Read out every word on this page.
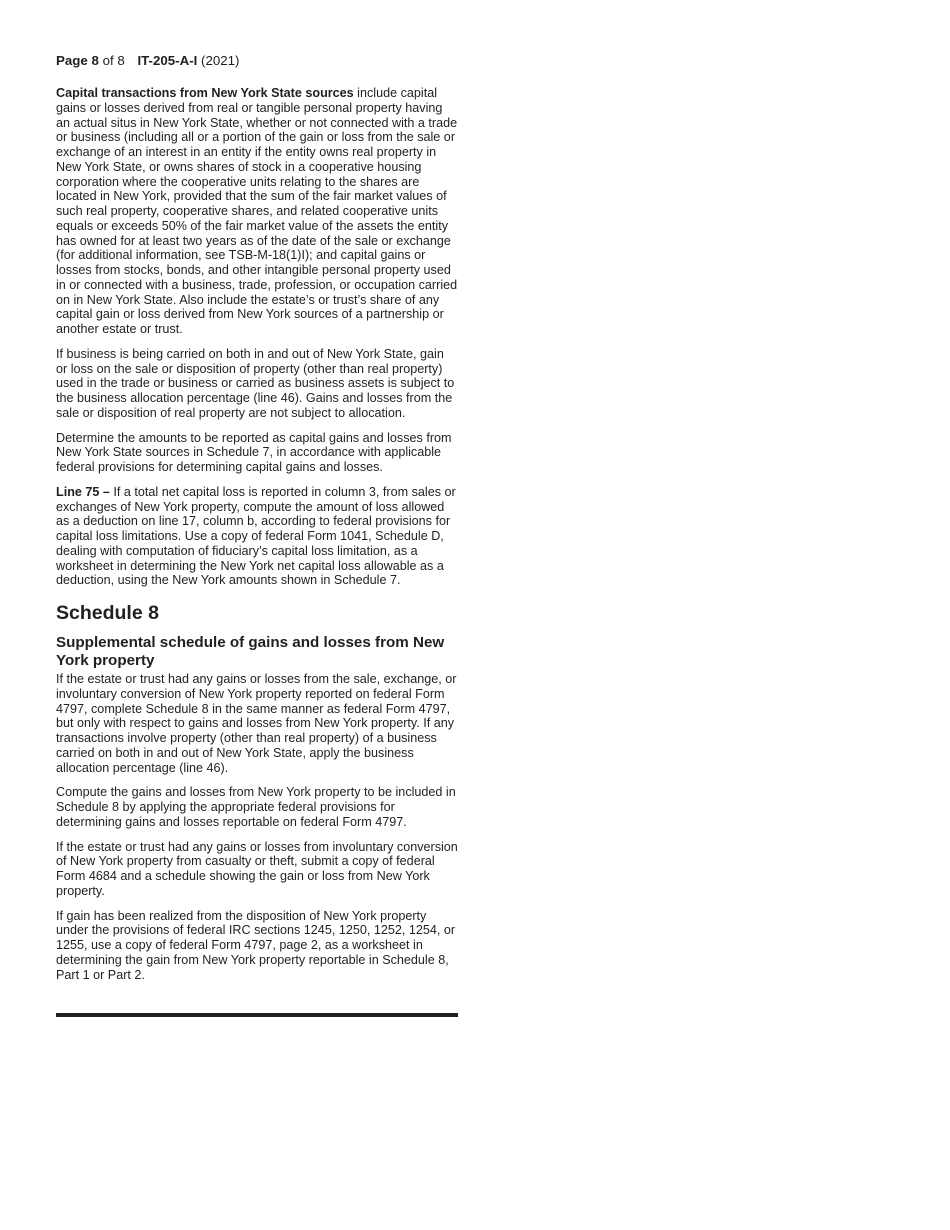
Page 8 of 8 IT-205-A-I (2021)

Capital transactions from New York State sources include capital gains or losses derived from real or tangible personal property having an actual situs in New York State, whether or not connected with a trade or business (including all or a portion of the gain or loss from the sale or exchange of an interest in an entity if the entity owns real property in New York State, or owns shares of stock in a cooperative housing corporation where the cooperative units relating to the shares are located in New York, provided that the sum of the fair market values of such real property, cooperative shares, and related cooperative units equals or exceeds 50% of the fair market value of the assets the entity has owned for at least two years as of the date of the sale or exchange (for additional information, see TSB-M-18(1)I); and capital gains or losses from stocks, bonds, and other intangible personal property used in or connected with a business, trade, profession, or occupation carried on in New York State. Also include the estate’s or trust’s share of any capital gain or loss derived from New York sources of a partnership or another estate or trust.

If business is being carried on both in and out of New York State, gain or loss on the sale or disposition of property (other than real property) used in the trade or business or carried as business assets is subject to the business allocation percentage (line 46). Gains and losses from the sale or disposition of real property are not subject to allocation.

Determine the amounts to be reported as capital gains and losses from New York State sources in Schedule 7, in accordance with applicable federal provisions for determining capital gains and losses.

Line 75 – If a total net capital loss is reported in column 3, from sales or exchanges of New York property, compute the amount of loss allowed as a deduction on line 17, column b, according to federal provisions for capital loss limitations. Use a copy of federal Form 1041, Schedule D, dealing with computation of fiduciary’s capital loss limitation, as a worksheet in determining the New York net capital loss allowable as a deduction, using the New York amounts shown in Schedule 7.

Schedule 8
Supplemental schedule of gains and losses from New York property

If the estate or trust had any gains or losses from the sale, exchange, or involuntary conversion of New York property reported on federal Form 4797, complete Schedule 8 in the same manner as federal Form 4797, but only with respect to gains and losses from New York property. If any transactions involve property (other than real property) of a business carried on both in and out of New York State, apply the business allocation percentage (line 46).

Compute the gains and losses from New York property to be included in Schedule 8 by applying the appropriate federal provisions for determining gains and losses reportable on federal Form 4797.

If the estate or trust had any gains or losses from involuntary conversion of New York property from casualty or theft, submit a copy of federal Form 4684 and a schedule showing the gain or loss from New York property.

If gain has been realized from the disposition of New York property under the provisions of federal IRC sections 1245, 1250, 1252, 1254, or 1255, use a copy of federal Form 4797, page 2, as a worksheet in determining the gain from New York property reportable in Schedule 8, Part 1 or Part 2.
